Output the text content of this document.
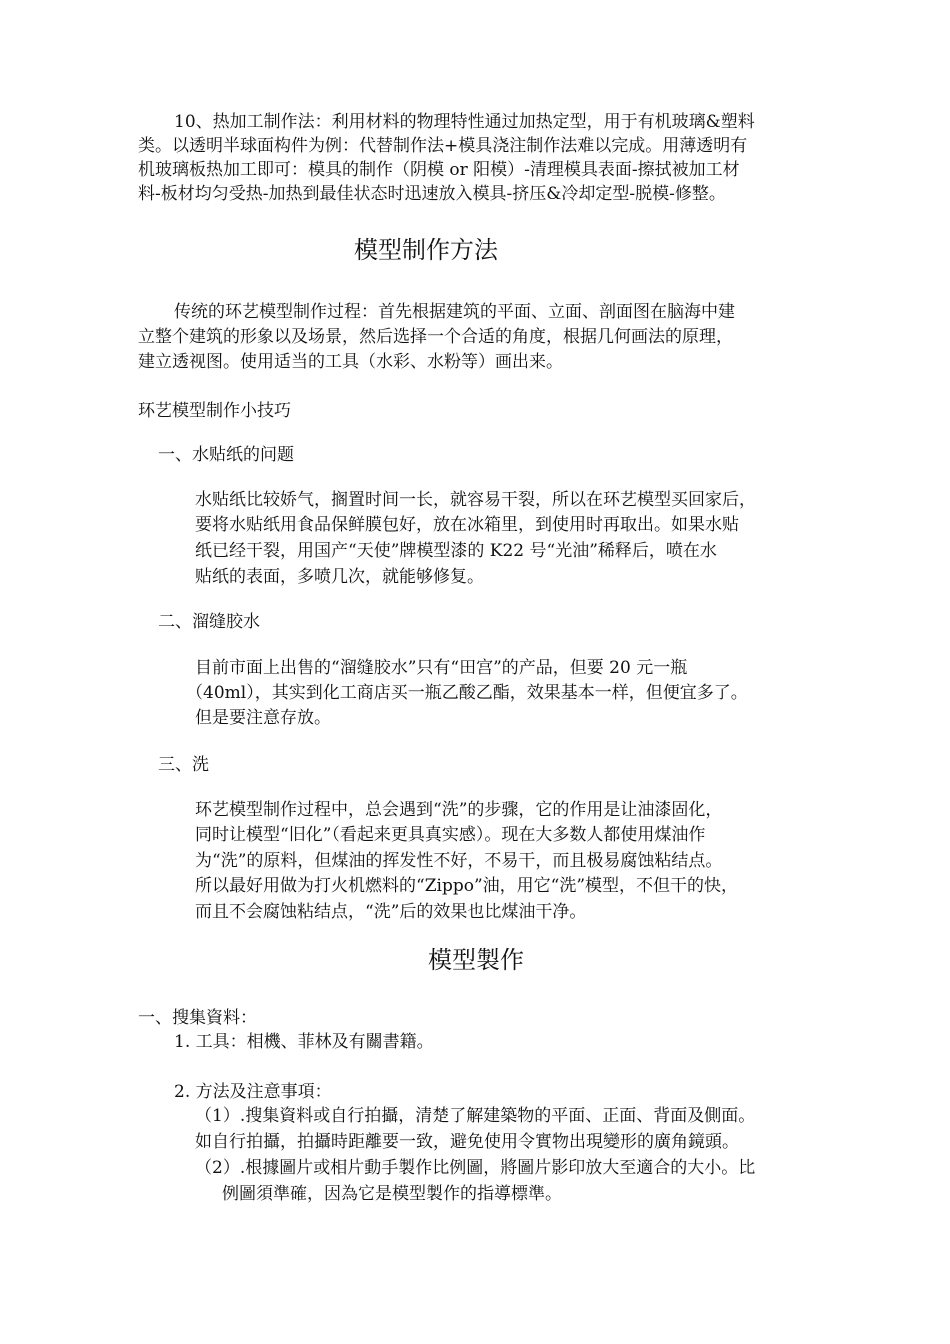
10、热加工制作法：利用材料的物理特性通过加热定型，用于有机玻璃&塑料
类。以透明半球面构件为例：代替制作法+模具浇注制作法难以完成。用薄透明有
机玻璃板热加工即可：模具的制作（阴模 or 阳模）-清理模具表面-擦拭被加工材
料-板材均匀受热-加热到最佳状态时迅速放入模具-挤压&冷却定型-脱模-修整。
模型制作方法
传统的环艺模型制作过程：首先根据建筑的平面、立面、剖面图在脑海中建
立整个建筑的形象以及场景，然后选择一个合适的角度，根据几何画法的原理，
建立透视图。使用适当的工具（水彩、水粉等）画出来。
环艺模型制作小技巧
一、水贴纸的问题
水贴纸比较娇气，搁置时间一长，就容易干裂，所以在环艺模型买回家后，
要将水贴纸用食品保鲜膜包好，放在冰箱里，到使用时再取出。如果水贴
纸已经干裂，用国产“天使”牌模型漆的 K22 号“光油”稀释后，喷在水
贴纸的表面，多喷几次，就能够修复。
二、溜缝胶水
目前市面上出售的“溜缝胶水”只有“田宫”的产品，但要 20 元一瓶
（40ml），其实到化工商店买一瓶乙酸乙酯，效果基本一样，但便宜多了。
但是要注意存放。
三、洗
环艺模型制作过程中，总会遇到“洗”的步骤，它的作用是让油漆固化，
同时让模型“旧化”（看起来更具真实感）。现在大多数人都使用煤油作
为“洗”的原料，但煤油的挥发性不好，不易干，而且极易腐蚀粘结点。
所以最好用做为打火机燃料的“Zippo”油，用它“洗”模型，不但干的快，
而且不会腐蚀粘结点，“洗”后的效果也比煤油干净。
模型製作
一、搜集資料：
1. 工具：相機、菲林及有關書籍。
2. 方法及注意事項：
（1）.搜集資料或自行拍攝，清楚了解建築物的平面、正面、背面及側面。
如自行拍攝，拍攝時距離要一致，避免使用令實物出現變形的廣角鏡頭。
（2）.根據圖片或相片動手製作比例圖，將圖片影印放大至適合的大小。比
例圖須準確，因為它是模型製作的指導標準。
